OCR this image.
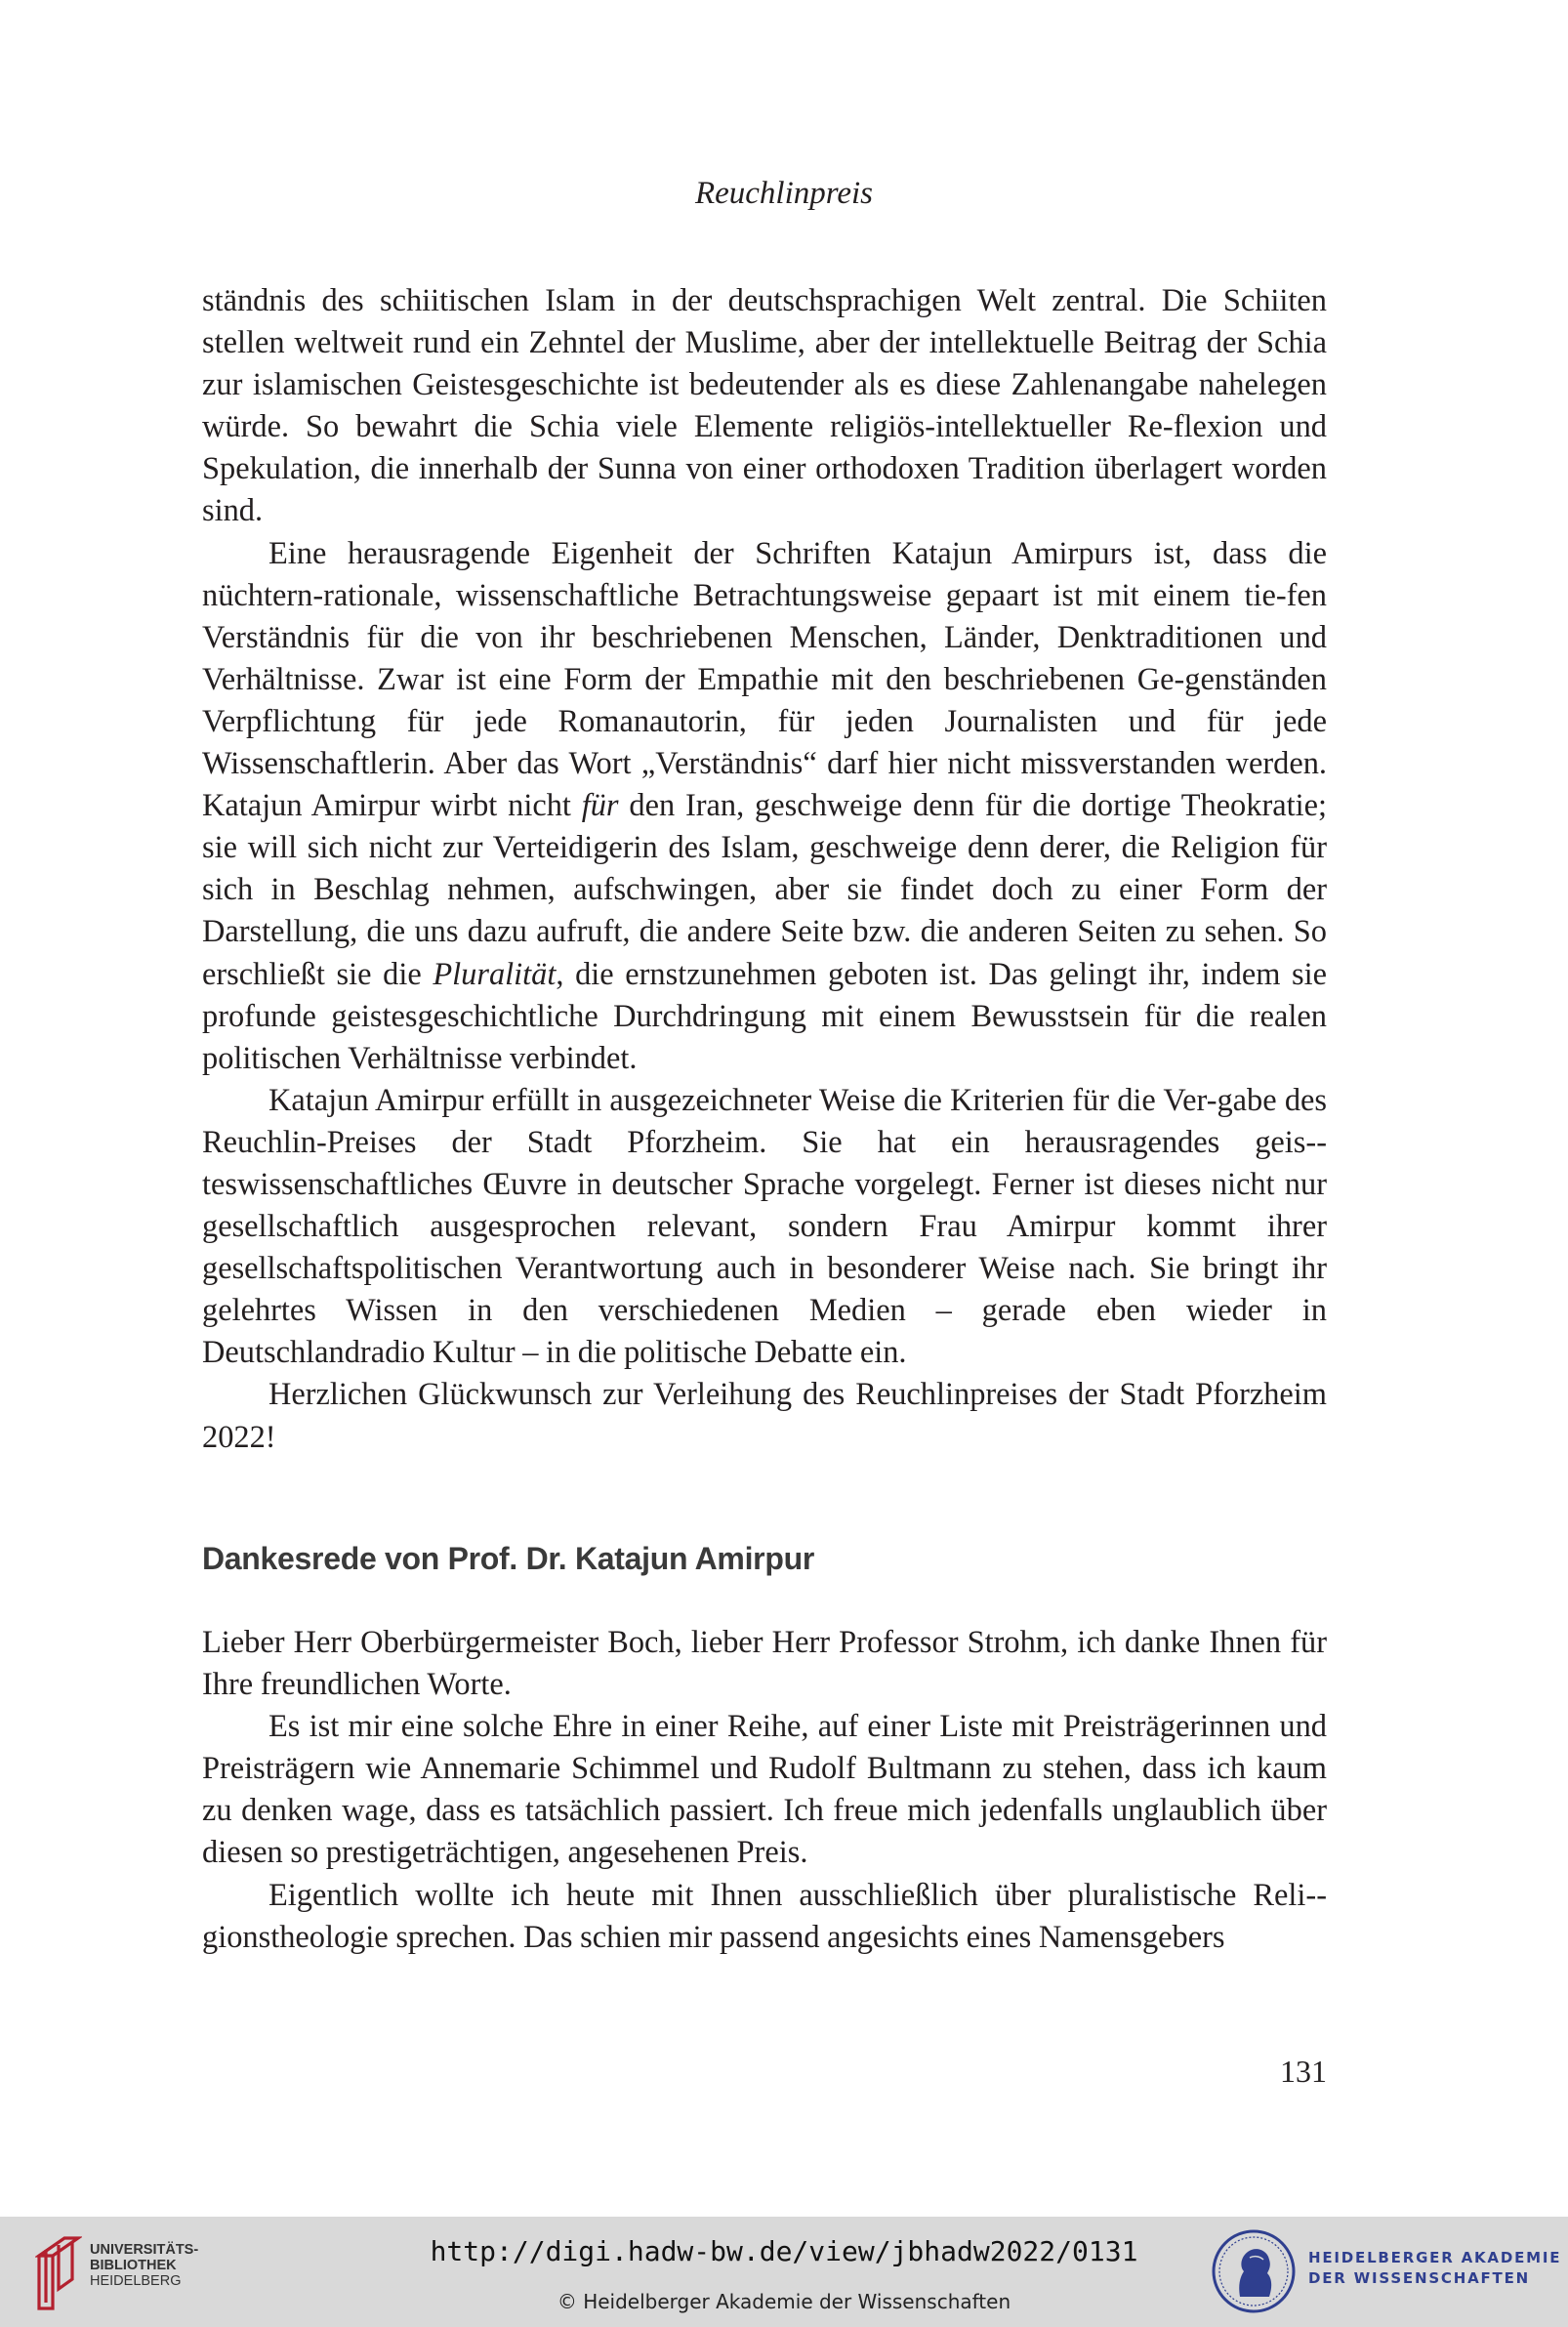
Reuchlinpreis

ständnis des schiitischen Islam in der deutschsprachigen Welt zentral. Die Schiiten stellen weltweit rund ein Zehntel der Muslime, aber der intellektuelle Beitrag der Schia zur islamischen Geistesgeschichte ist bedeutender als es diese Zahlenangabe nahelegen würde. So bewahrt die Schia viele Elemente religiös-intellektueller Re-flexion und Spekulation, die innerhalb der Sunna von einer orthodoxen Tradition überlagert worden sind.

Eine herausragende Eigenheit der Schriften Katajun Amirpurs ist, dass die nüchtern-rationale, wissenschaftliche Betrachtungsweise gepaart ist mit einem tie-fen Verständnis für die von ihr beschriebenen Menschen, Länder, Denktraditionen und Verhältnisse. Zwar ist eine Form der Empathie mit den beschriebenen Ge-genständen Verpflichtung für jede Romanautorin, für jeden Journalisten und für jede Wissenschaftlerin. Aber das Wort „Verständnis“ darf hier nicht missverstanden werden. Katajun Amirpur wirbt nicht für den Iran, geschweige denn für die dortige Theokratie; sie will sich nicht zur Verteidigerin des Islam, geschweige denn derer, die Religion für sich in Beschlag nehmen, aufschwingen, aber sie findet doch zu einer Form der Darstellung, die uns dazu aufruft, die andere Seite bzw. die anderen Seiten zu sehen. So erschließt sie die Pluralität, die ernstzunehmen geboten ist. Das gelingt ihr, indem sie profunde geistesgeschichtliche Durchdringung mit einem Bewusstsein für die realen politischen Verhältnisse verbindet.

Katajun Amirpur erfüllt in ausgezeichneter Weise die Kriterien für die Ver-gabe des Reuchlin-Preises der Stadt Pforzheim. Sie hat ein herausragendes geis-teswissenschaftliches Œuvre in deutscher Sprache vorgelegt. Ferner ist dieses nicht nur gesellschaftlich ausgesprochen relevant, sondern Frau Amirpur kommt ihrer gesellschaftspolitischen Verantwortung auch in besonderer Weise nach. Sie bringt ihr gelehrtes Wissen in den verschiedenen Medien – gerade eben wieder in Deutschlandradio Kultur – in die politische Debatte ein.

Herzlichen Glückwunsch zur Verleihung des Reuchlinpreises der Stadt Pforzheim 2022!

Dankesrede von Prof. Dr. Katajun Amirpur

Lieber Herr Oberbürgermeister Boch, lieber Herr Professor Strohm, ich danke Ihnen für Ihre freundlichen Worte.

Es ist mir eine solche Ehre in einer Reihe, auf einer Liste mit Preisträgerinnen und Preisträgern wie Annemarie Schimmel und Rudolf Bultmann zu stehen, dass ich kaum zu denken wage, dass es tatsächlich passiert. Ich freue mich jedenfalls unglaublich über diesen so prestigeträchtigen, angesehenen Preis.

Eigentlich wollte ich heute mit Ihnen ausschließlich über pluralistische Reli-gionstheologie sprechen. Das schien mir passend angesichts eines Namensgebers

131
UNIVERSITÄTS-
BIBLIOTHEK
HEIDELBERG
http://digi.hadw-bw.de/view/jbhadw2022/0131
© Heidelberger Akademie der Wissenschaften
HEIDELBERGER AKADEMIE
DER WISSENSCHAFTEN
